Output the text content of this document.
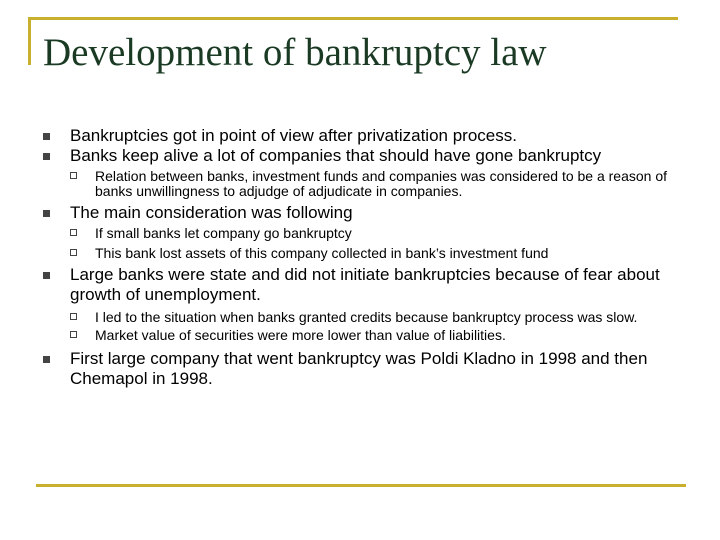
Development of bankruptcy law
Bankruptcies got in point of view after privatization process.
Banks keep alive a lot of companies that should have gone bankruptcy
Relation between banks, investment funds and companies was considered to be a reason of banks unwillingness to adjudge of adjudicate in companies.
The main consideration was following
If small banks let company go bankruptcy
This bank lost assets of this company collected in bank’s investment fund
Large banks were state and did not initiate bankruptcies because of fear about growth of unemployment.
I led to the situation when banks granted credits because bankruptcy process was slow.
Market value of securities were more lower than value of liabilities.
First large company that went bankruptcy was Poldi Kladno in 1998 and then Chemapol in 1998.
